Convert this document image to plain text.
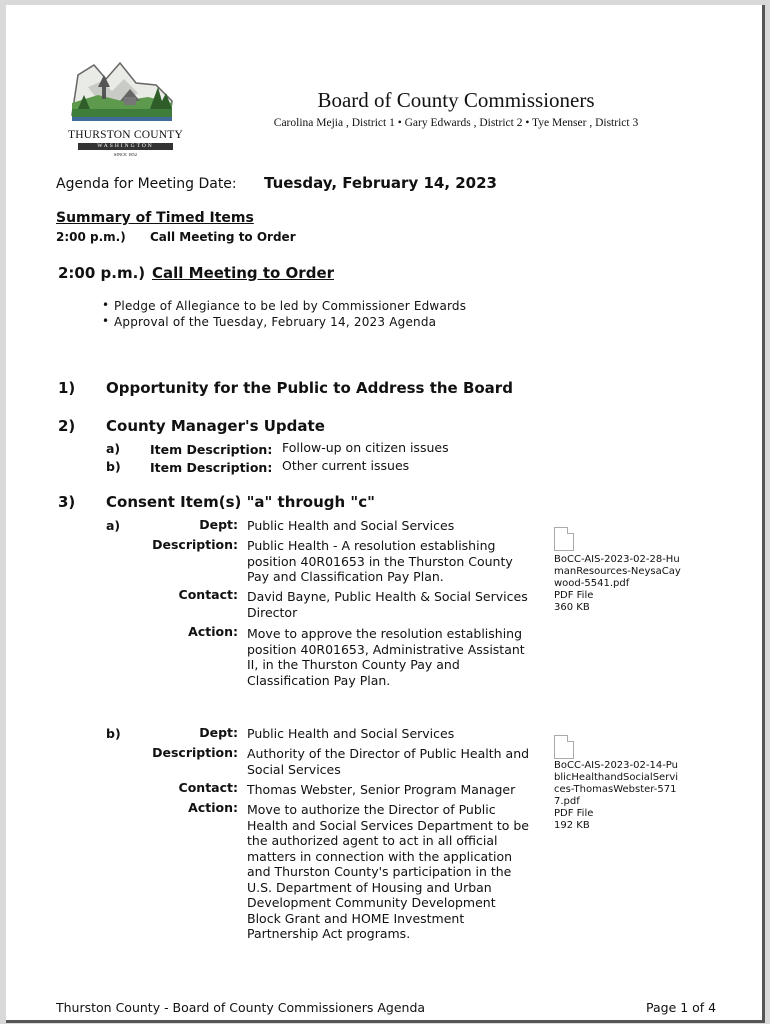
THURSTON COUNTY
WASHINGTON
SINCE 1852
Board of County Commissioners
Carolina Mejia , District 1 • Gary Edwards , District 2 • Tye Menser , District 3
Agenda for Meeting Date: Tuesday, February 14, 2023
Summary of Timed Items
2:00 p.m.) Call Meeting to Order
2:00 p.m.) Call Meeting to Order
• Pledge of Allegiance to be led by Commissioner Edwards
• Approval of the Tuesday, February 14, 2023 Agenda
1) Opportunity for the Public to Address the Board
2) County Manager's Update
a) Item Description: Follow-up on citizen issues
b) Item Description: Other current issues
3) Consent Item(s) "a" through "c"
a)	Dept: Public Health and Social Services
Description: Public Health - A resolution establishing position 40R01653 in the Thurston County Pay and Classification Pay Plan.
Contact: David Bayne, Public Health & Social Services Director
Action: Move to approve the resolution establishing position 40R01653, Administrative Assistant II, in the Thurston County Pay and Classification Pay Plan.
BoCC-AIS-2023-02-28-HumanResources-NeysaCaywood-5541.pdf
PDF File
360 KB
b)	Dept: Public Health and Social Services
Description: Authority of the Director of Public Health and Social Services
Contact: Thomas Webster, Senior Program Manager
Action: Move to authorize the Director of Public Health and Social Services Department to be the authorized agent to act in all official matters in connection with the application and Thurston County's participation in the U.S. Department of Housing and Urban Development Community Development Block Grant and HOME Investment Partnership Act programs.
BoCC-AIS-2023-02-14-PublicHealthandSocialServices-ThomasWebster-5717.pdf
PDF File
192 KB
Thurston County - Board of County Commissioners Agenda	Page 1 of 4
